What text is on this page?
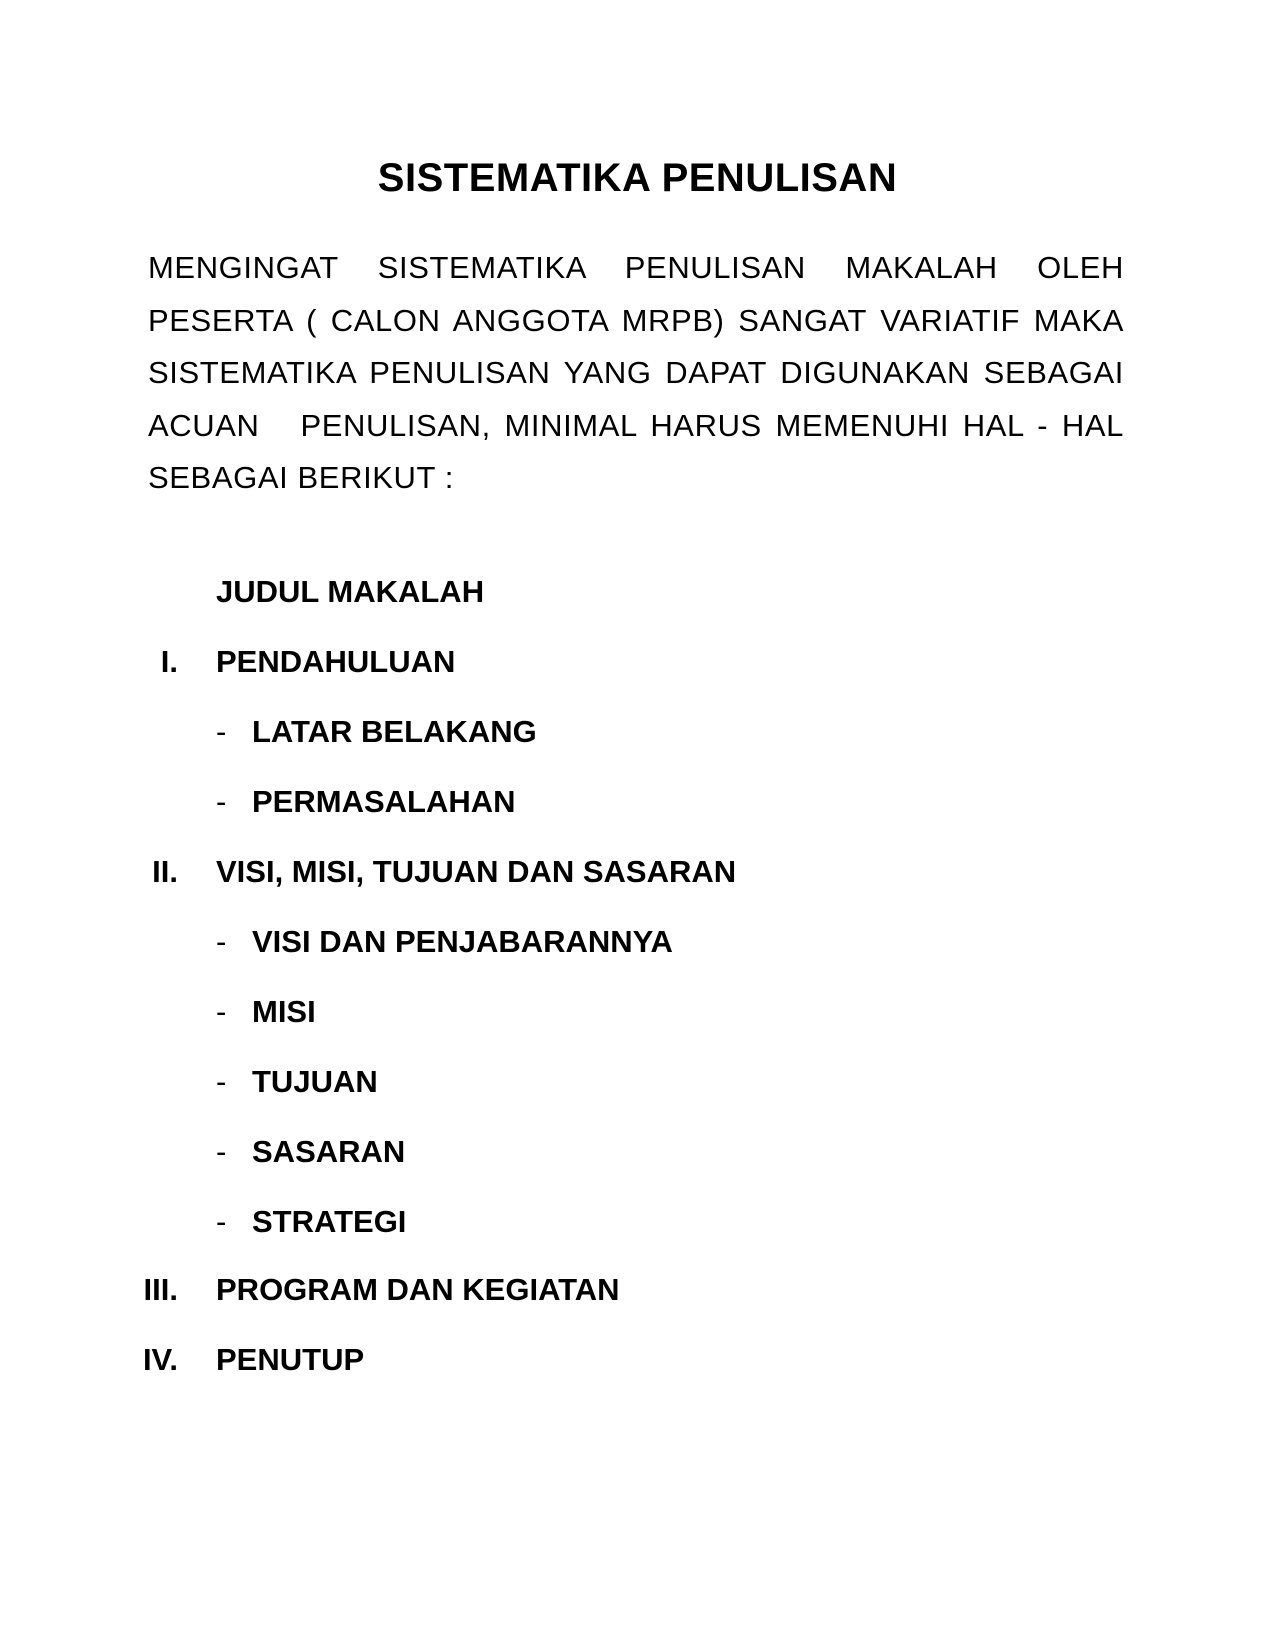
SISTEMATIKA PENULISAN
MENGINGAT SISTEMATIKA PENULISAN MAKALAH OLEH
PESERTA ( CALON ANGGOTA MRPB) SANGAT VARIATIF MAKA
SISTEMATIKA PENULISAN YANG DAPAT DIGUNAKAN SEBAGAI
ACUAN   PENULISAN, MINIMAL HARUS MEMENUHI HAL - HAL
SEBAGAI BERIKUT :
JUDUL MAKALAH
I. PENDAHULUAN
- LATAR BELAKANG
- PERMASALAHAN
II. VISI, MISI, TUJUAN DAN SASARAN
- VISI DAN PENJABARANNYA
- MISI
- TUJUAN
- SASARAN
- STRATEGI
III. PROGRAM DAN KEGIATAN
IV. PENUTUP
